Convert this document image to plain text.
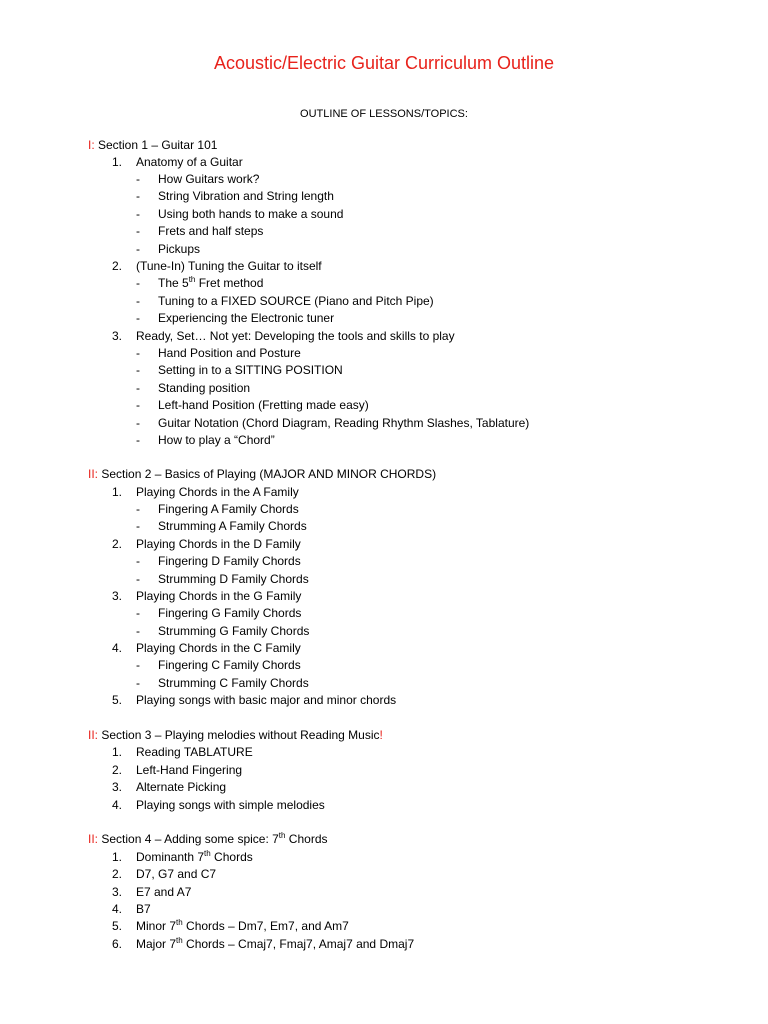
Acoustic/Electric Guitar Curriculum Outline
OUTLINE OF LESSONS/TOPICS:
I: Section 1 – Guitar 101
1. Anatomy of a Guitar
- How Guitars work?
- String Vibration and String length
- Using both hands to make a sound
- Frets and half steps
- Pickups
2. (Tune-In) Tuning the Guitar to itself
- The 5th Fret method
- Tuning to a FIXED SOURCE (Piano and Pitch Pipe)
- Experiencing the Electronic tuner
3. Ready, Set… Not yet: Developing the tools and skills to play
- Hand Position and Posture
- Setting in to a SITTING POSITION
- Standing position
- Left-hand Position (Fretting made easy)
- Guitar Notation (Chord Diagram, Reading Rhythm Slashes, Tablature)
- How to play a “Chord”
II: Section 2 – Basics of Playing (MAJOR AND MINOR CHORDS)
1. Playing Chords in the A Family
- Fingering A Family Chords
- Strumming A Family Chords
2. Playing Chords in the D Family
- Fingering D Family Chords
- Strumming D Family Chords
3. Playing Chords in the G Family
- Fingering G Family Chords
- Strumming G Family Chords
4. Playing Chords in the C Family
- Fingering C Family Chords
- Strumming C Family Chords
5. Playing songs with basic major and minor chords
II: Section 3 – Playing melodies without Reading Music!
1. Reading TABLATURE
2. Left-Hand Fingering
3. Alternate Picking
4. Playing songs with simple melodies
II: Section 4 – Adding some spice: 7th Chords
1. Dominanth 7th Chords
2. D7, G7 and C7
3. E7 and A7
4. B7
5. Minor 7th Chords – Dm7, Em7, and Am7
6. Major 7th Chords – Cmaj7, Fmaj7, Amaj7 and Dmaj7
